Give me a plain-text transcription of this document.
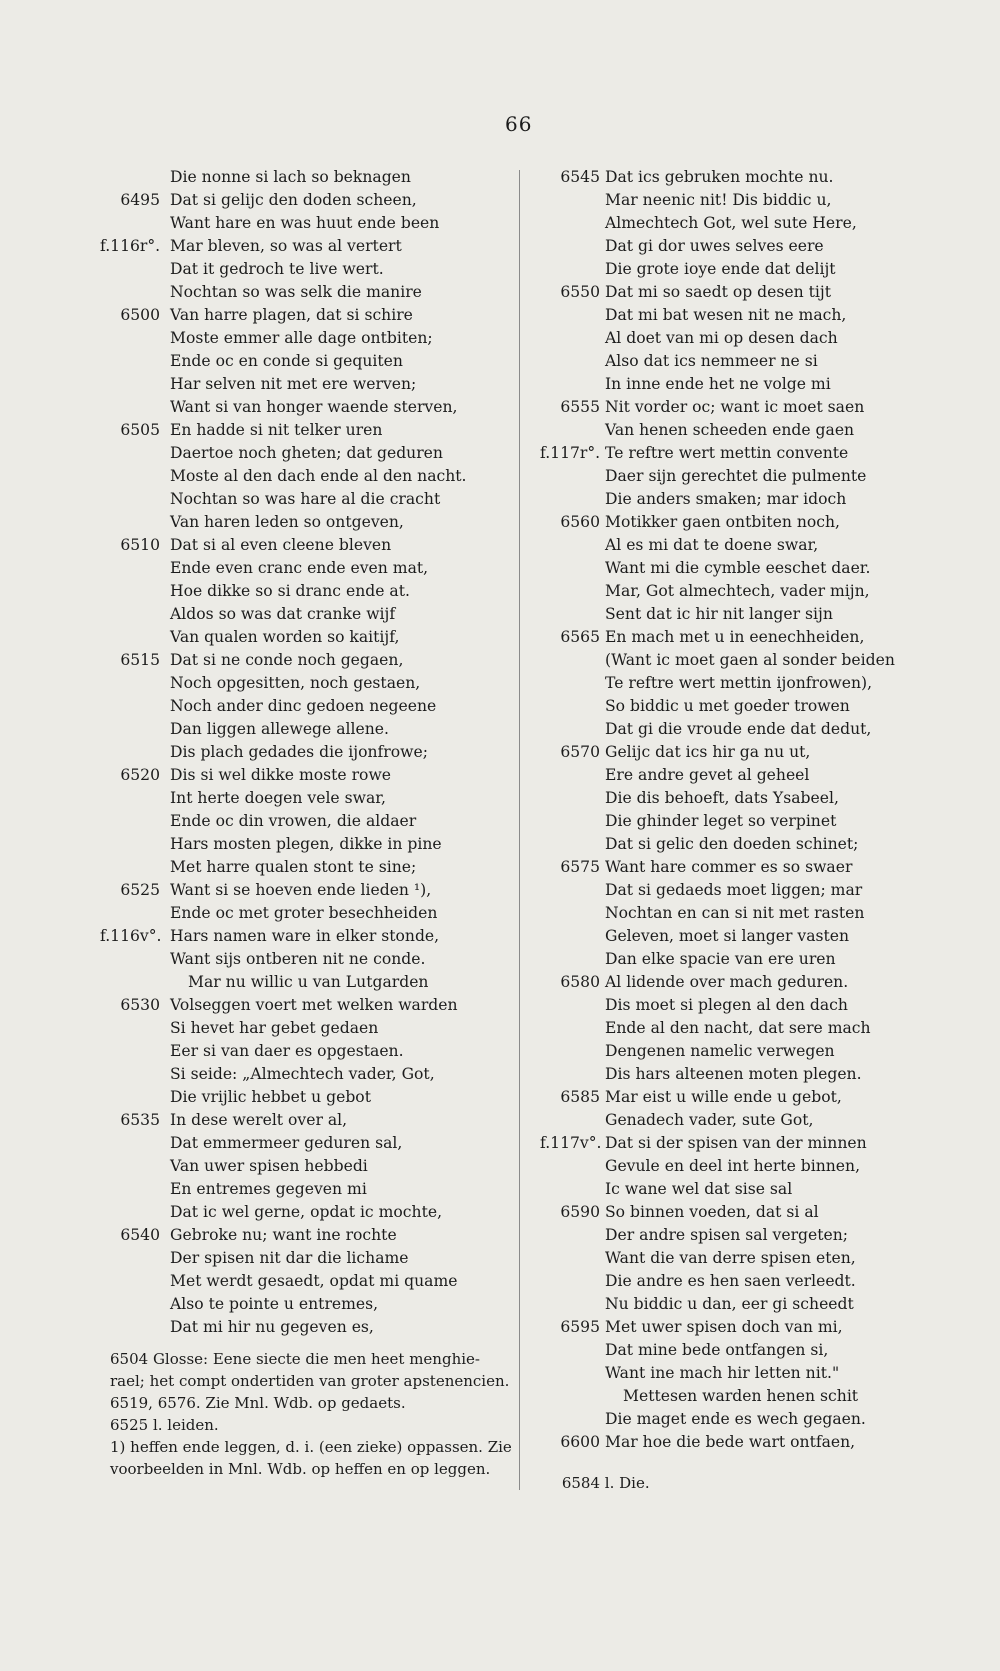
66
Die nonne si lach so beknagen
6495 Dat si gelijc den doden scheen,
Want hare en was huut ende been
f.116r°. Mar bleven, so was al vertert
Dat it gedroch te live wert.
Nochtan so was selk die manire
6500 Van harre plagen, dat si schire
Moste emmer alle dage ontbiten;
Ende oc en conde si gequiten
Har selven nit met ere werven;
Want si van honger waende sterven,
6505 En hadde si nit telker uren
Daertoe noch gheten; dat geduren
Moste al den dach ende al den nacht.
Nochtan so was hare al die cracht
Van haren leden so ontgeven,
6510 Dat si al even cleene bleven
Ende even cranc ende even mat,
Hoe dikke so si dranc ende at.
Aldos so was dat cranke wijf
Van qualen worden so kaitijf,
6515 Dat si ne conde noch gegaen,
Noch opgesitten, noch gestaen,
Noch ander dinc gedoen negeene
Dan liggen allewege allene.
Dis plach gedades die ijonfrowe;
6520 Dis si wel dikke moste rowe
Int herte doegen vele swar,
Ende oc din vrowen, die aldaer
Hars mosten plegen, dikke in pine
Met harre qualen stont te sine;
6525 Want si se hoeven ende lieden ¹),
Ende oc met groter besechheiden
f.116v°. Hars namen ware in elker stonde,
Want sijs ontberen nit ne conde.
Mar nu willic u van Lutgarden
6530 Volseggen voert met welken warden
Si hevet har gebet gedaen
Eer si van daer es opgestaen.
Si seide: „Almechtech vader, Got,
Die vrijlic hebbet u gebot
6535 In dese werelt over al,
Dat emmermeer geduren sal,
Van uwer spisen hebbedi
En entremes gegeven mi
Dat ic wel gerne, opdat ic mochte,
6540 Gebroke nu; want ine rochte
Der spisen nit dar die lichame
Met werdt gesaedt, opdat mi quame
Also te pointe u entremes,
Dat mi hir nu gegeven es,
6545 Dat ics gebruken mochte nu.
Mar neenic nit! Dis biddic u,
Almechtech Got, wel sute Here,
Dat gi dor uwes selves eere
Die grote ioye ende dat delijt
6550 Dat mi so saedt op desen tijt
Dat mi bat wesen nit ne mach,
Al doet van mi op desen dach
Also dat ics nemmeer ne si
In inne ende het ne volge mi
6555 Nit vorder oc; want ic moet saen
Van henen scheeden ende gaen
f.117r°. Te reftre wert mettin convente
Daer sijn gerechtet die pulmente
Die anders smaken; mar idoch
6560 Motikker gaen ontbiten noch,
Al es mi dat te doene swar,
Want mi die cymble eeschet daer.
Mar, Got almechtech, vader mijn,
Sent dat ic hir nit langer sijn
6565 En mach met u in eenechheiden,
(Want ic moet gaen al sonder beiden
Te reftre wert mettin ijonfrowen),
So biddic u met goeder trowen
Dat gi die vroude ende dat dedut,
6570 Gelijc dat ics hir ga nu ut,
Ere andre gevet al geheel
Die dis behoeft, dats Ysabeel,
Die ghinder leget so verpinet
Dat si gelic den doeden schinet;
6575 Want hare commer es so swaer
Dat si gedaeds moet liggen; mar
Nochtan en can si nit met rasten
Geleven, moet si langer vasten
Dan elke spacie van ere uren
6580 Al lidende over mach geduren.
Dis moet si plegen al den dach
Ende al den nacht, dat sere mach
Dengenen namelic verwegen
Dis hars alteenen moten plegen.
6585 Mar eist u wille ende u gebot,
Genadech vader, sute Got,
f.117v°. Dat si der spisen van der minnen
Gevule en deel int herte binnen,
Ic wane wel dat sise sal
6590 So binnen voeden, dat si al
Der andre spisen sal vergeten;
Want die van derre spisen eten,
Die andre es hen saen verleedt.
Nu biddic u dan, eer gi scheedt
6595 Met uwer spisen doch van mi,
Dat mine bede ontfangen si,
Want ine mach hir letten nit."
Mettesen warden henen schit
Die maget ende es wech gegaen.
6600 Mar hoe die bede wart ontfaen,
6504 Glosse: Eene siecte die men heet menghie-
rael; het compt ondertiden van groter apstenencien.
6519, 6576. Zie Mnl. Wdb. op gedaets.
6525 l. leiden.
1) heffen ende leggen, d. i. (een zieke) oppassen. Zie
voorbeelden in Mnl. Wdb. op heffen en op leggen.
6584 l. Die.
